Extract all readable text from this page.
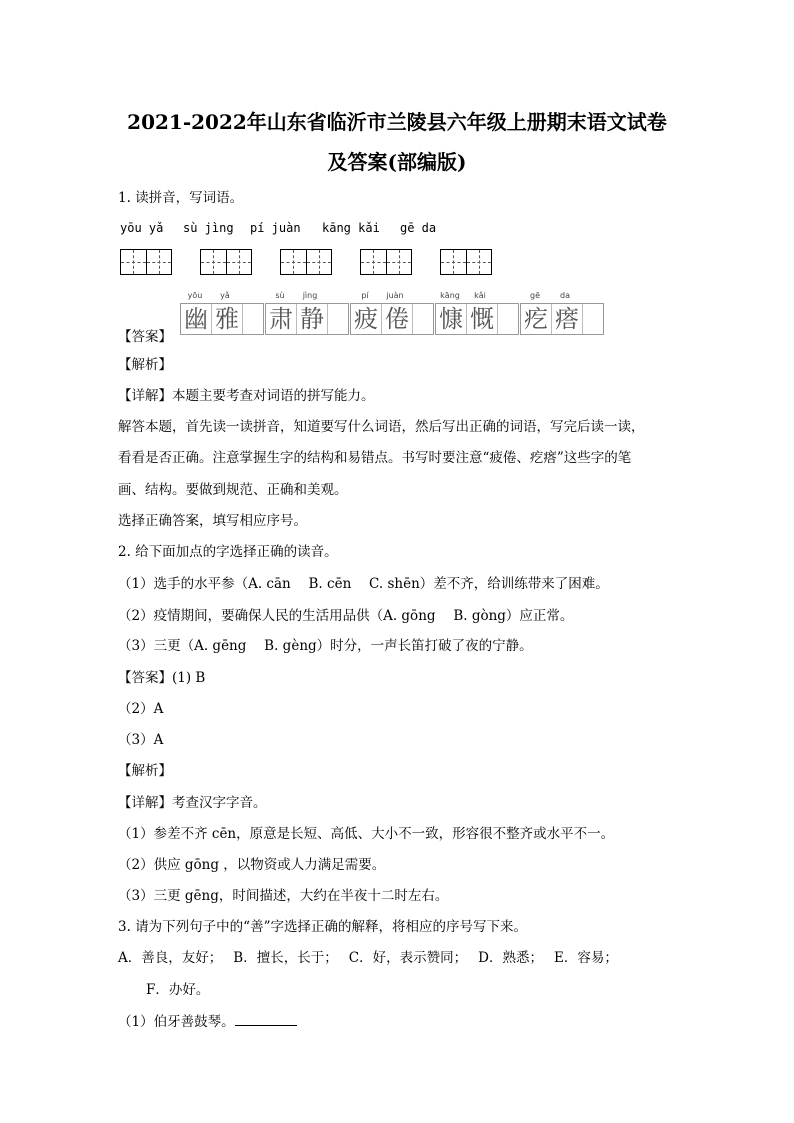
2021-2022年山东省临沂市兰陵县六年级上册期末语文试卷
及答案(部编版)
1. 读拼音，写词语。
yōu yǎ sù jìng pí juàn kāng kǎi gē da
【答案】
yōu	yǎ
幽 雅
sù	jìng
肃 静
pí	juàn
疲 倦
kāng	kǎi
慷 慨
gē	da
疙 瘩
【解析】
【详解】本题主要考查对词语的拼写能力。
解答本题，首先读一读拼音，知道要写什么词语，然后写出正确的词语，写完后读一读，
看看是否正确。注意掌握生字的结构和易错点。书写时要注意“疲倦、疙瘩”这些字的笔
画、结构。要做到规范、正确和美观。
选择正确答案，填写相应序号。
2. 给下面加点的字选择正确的读音。
（1）选手的水平参（A. cān　 B. cēn　 C. shēn）差不齐，给训练带来了困难。
（2）疫情期间，要确保人民的生活用品供（A. gōng　 B. gòng）应正常。
（3）三更（A. gēng　 B. gèng）时分，一声长笛打破了夜的宁静。
【答案】(1) B
（2）A
（3）A
【解析】
【详解】考查汉字字音。
（1）参差不齐 cēn，原意是长短、高低、大小不一致，形容很不整齐或水平不一。
（2）供应 gōng ，以物资或人力满足需要。
（3）三更 gēng，时间描述，大约在半夜十二时左右。
3. 请为下列句子中的“善”字选择正确的解释，将相应的序号写下来。
A．善良，友好；　 B．擅长，长于；　 C．好，表示赞同；　 D．熟悉；　 E．容易；
F．办好。
（1）伯牙善鼓琴。
